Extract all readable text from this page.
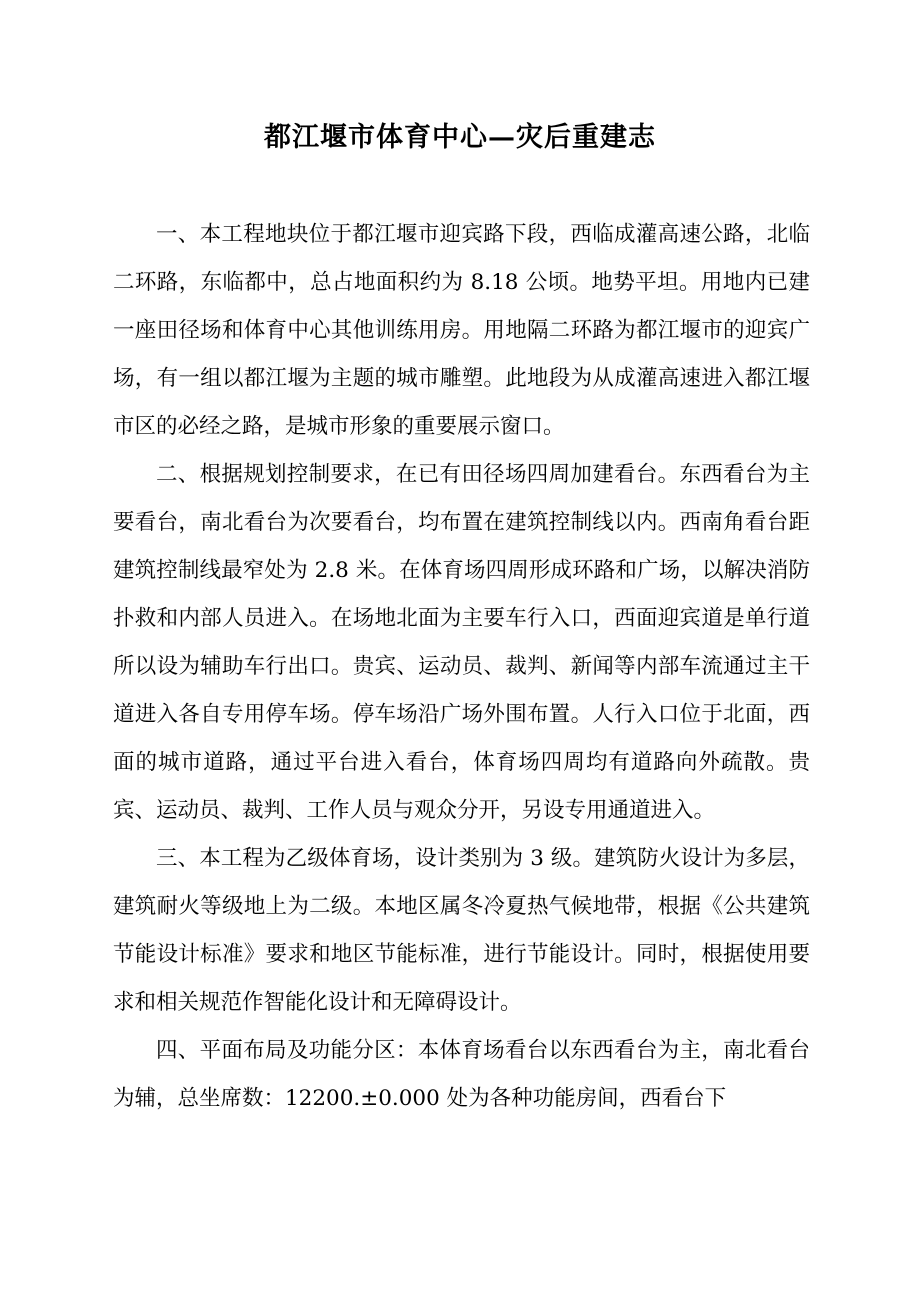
都江堰市体育中心—灾后重建志

一、本工程地块位于都江堰市迎宾路下段，西临成灌高速公路，北临二环路，东临都中，总占地面积约为 8.18 公顷。地势平坦。用地内已建一座田径场和体育中心其他训练用房。用地隔二环路为都江堰市的迎宾广场，有一组以都江堰为主题的城市雕塑。此地段为从成灌高速进入都江堰市区的必经之路，是城市形象的重要展示窗口。

二、根据规划控制要求，在已有田径场四周加建看台。东西看台为主要看台，南北看台为次要看台，均布置在建筑控制线以内。西南角看台距建筑控制线最窄处为 2.8 米。在体育场四周形成环路和广场，以解决消防扑救和内部人员进入。在场地北面为主要车行入口，西面迎宾道是单行道所以设为辅助车行出口。贵宾、运动员、裁判、新闻等内部车流通过主干道进入各自专用停车场。停车场沿广场外围布置。人行入口位于北面，西面的城市道路，通过平台进入看台，体育场四周均有道路向外疏散。贵宾、运动员、裁判、工作人员与观众分开，另设专用通道进入。

三、本工程为乙级体育场，设计类别为 3 级。建筑防火设计为多层，建筑耐火等级地上为二级。本地区属冬冷夏热气候地带，根据《公共建筑节能设计标准》要求和地区节能标准，进行节能设计。同时，根据使用要求和相关规范作智能化设计和无障碍设计。

四、平面布局及功能分区：本体育场看台以东西看台为主，南北看台为辅，总坐席数：12200.±0.000 处为各种功能房间，西看台下
